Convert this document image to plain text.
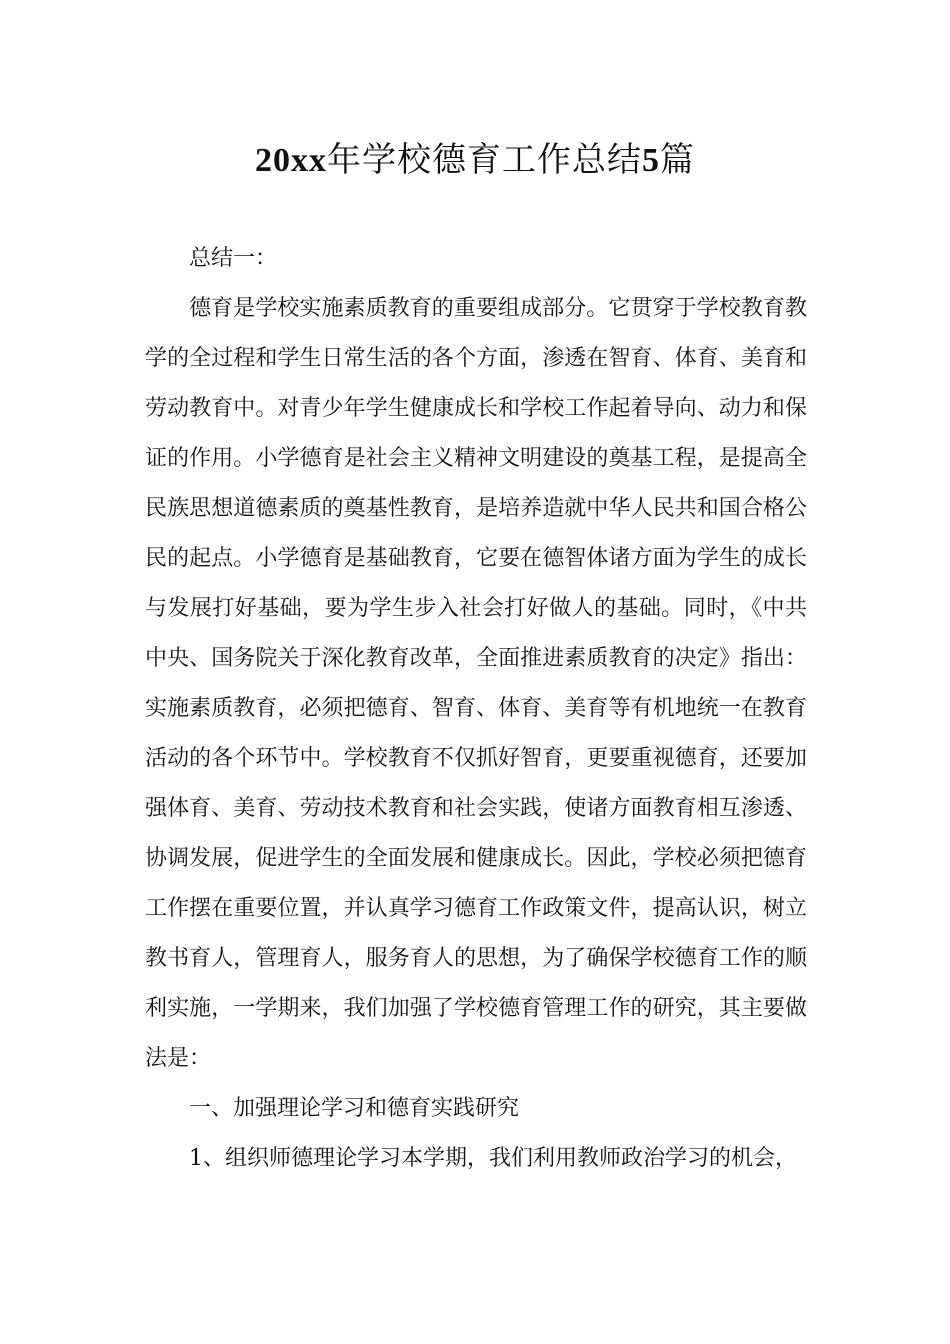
20xx年学校德育工作总结5篇

总结一：

德育是学校实施素质教育的重要组成部分。它贯穿于学校教育教
学的全过程和学生日常生活的各个方面，渗透在智育、体育、美育和
劳动教育中。对青少年学生健康成长和学校工作起着导向、动力和保
证的作用。小学德育是社会主义精神文明建设的奠基工程，是提高全
民族思想道德素质的奠基性教育，是培养造就中华人民共和国合格公
民的起点。小学德育是基础教育，它要在德智体诸方面为学生的成长
与发展打好基础，要为学生步入社会打好做人的基础。同时，《中共
中央、国务院关于深化教育改革，全面推进素质教育的决定》指出：
实施素质教育，必须把德育、智育、体育、美育等有机地统一在教育
活动的各个环节中。学校教育不仅抓好智育，更要重视德育，还要加
强体育、美育、劳动技术教育和社会实践，使诸方面教育相互渗透、
协调发展，促进学生的全面发展和健康成长。因此，学校必须把德育
工作摆在重要位置，并认真学习德育工作政策文件，提高认识，树立
教书育人，管理育人，服务育人的思想，为了确保学校德育工作的顺
利实施，一学期来，我们加强了学校德育管理工作的研究，其主要做
法是：

一、加强理论学习和德育实践研究

1、组织师德理论学习本学期，我们利用教师政治学习的机会，
